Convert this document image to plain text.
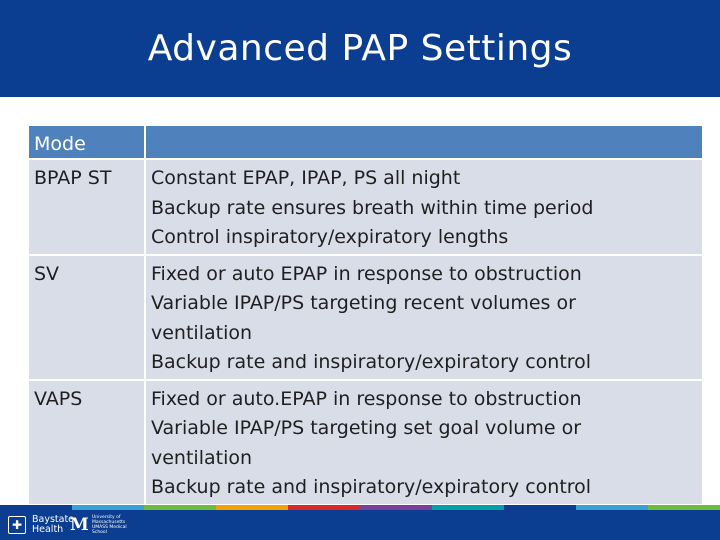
Advanced PAP Settings
Mode
BPAP ST	Constant EPAP, IPAP, PS all night
Backup rate ensures breath within time period
Control inspiratory/expiratory lengths
SV	Fixed or auto EPAP in response to obstruction
Variable IPAP/PS targeting recent volumes or
ventilation
Backup rate and inspiratory/expiratory control
VAPS	Fixed or auto.EPAP in response to obstruction
Variable IPAP/PS targeting set goal volume or
ventilation
Backup rate and inspiratory/expiratory control
✚	Baystate
Health M University of Massachusetts UMASS Medical School
